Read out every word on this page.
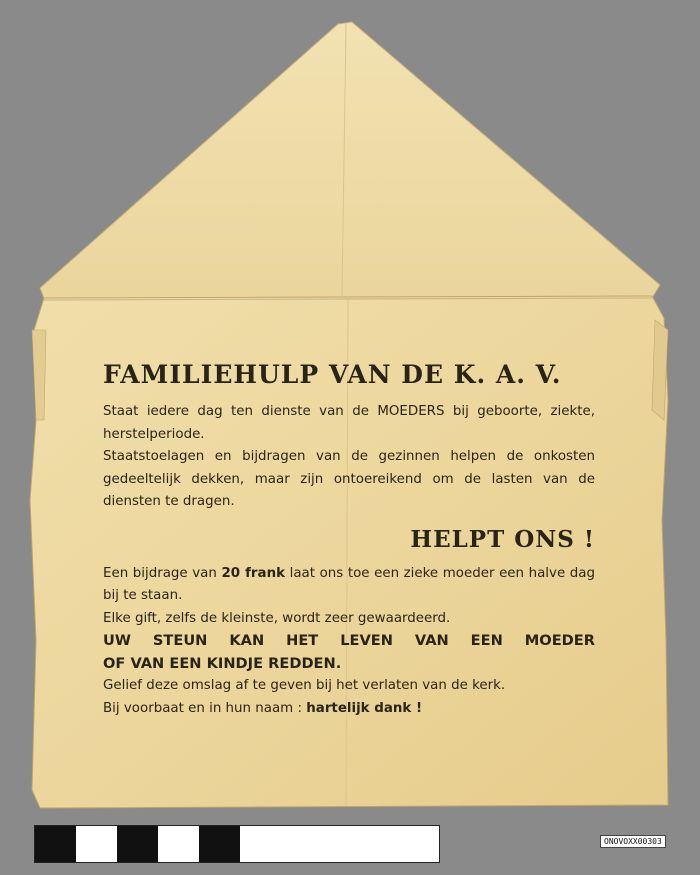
FAMILIEHULP VAN DE K. A. V.

Staat iedere dag ten dienste van de MOEDERS bij geboorte, ziekte, herstelperiode.

Staatstoelagen en bijdragen van de gezinnen helpen de onkosten gedeeltelijk dekken, maar zijn ontoereikend om de lasten van de diensten te dragen.

HELPT ONS !

Een bijdrage van 20 frank laat ons toe een zieke moeder een halve dag bij te staan.

Elke gift, zelfs de kleinste, wordt zeer gewaardeerd.

UW STEUN KAN HET LEVEN VAN EEN MOEDER

OF VAN EEN KINDJE REDDEN.

Gelief deze omslag af te geven bij het verlaten van de kerk.

Bij voorbaat en in hun naam : hartelijk dank !

ONOVOXX00303
